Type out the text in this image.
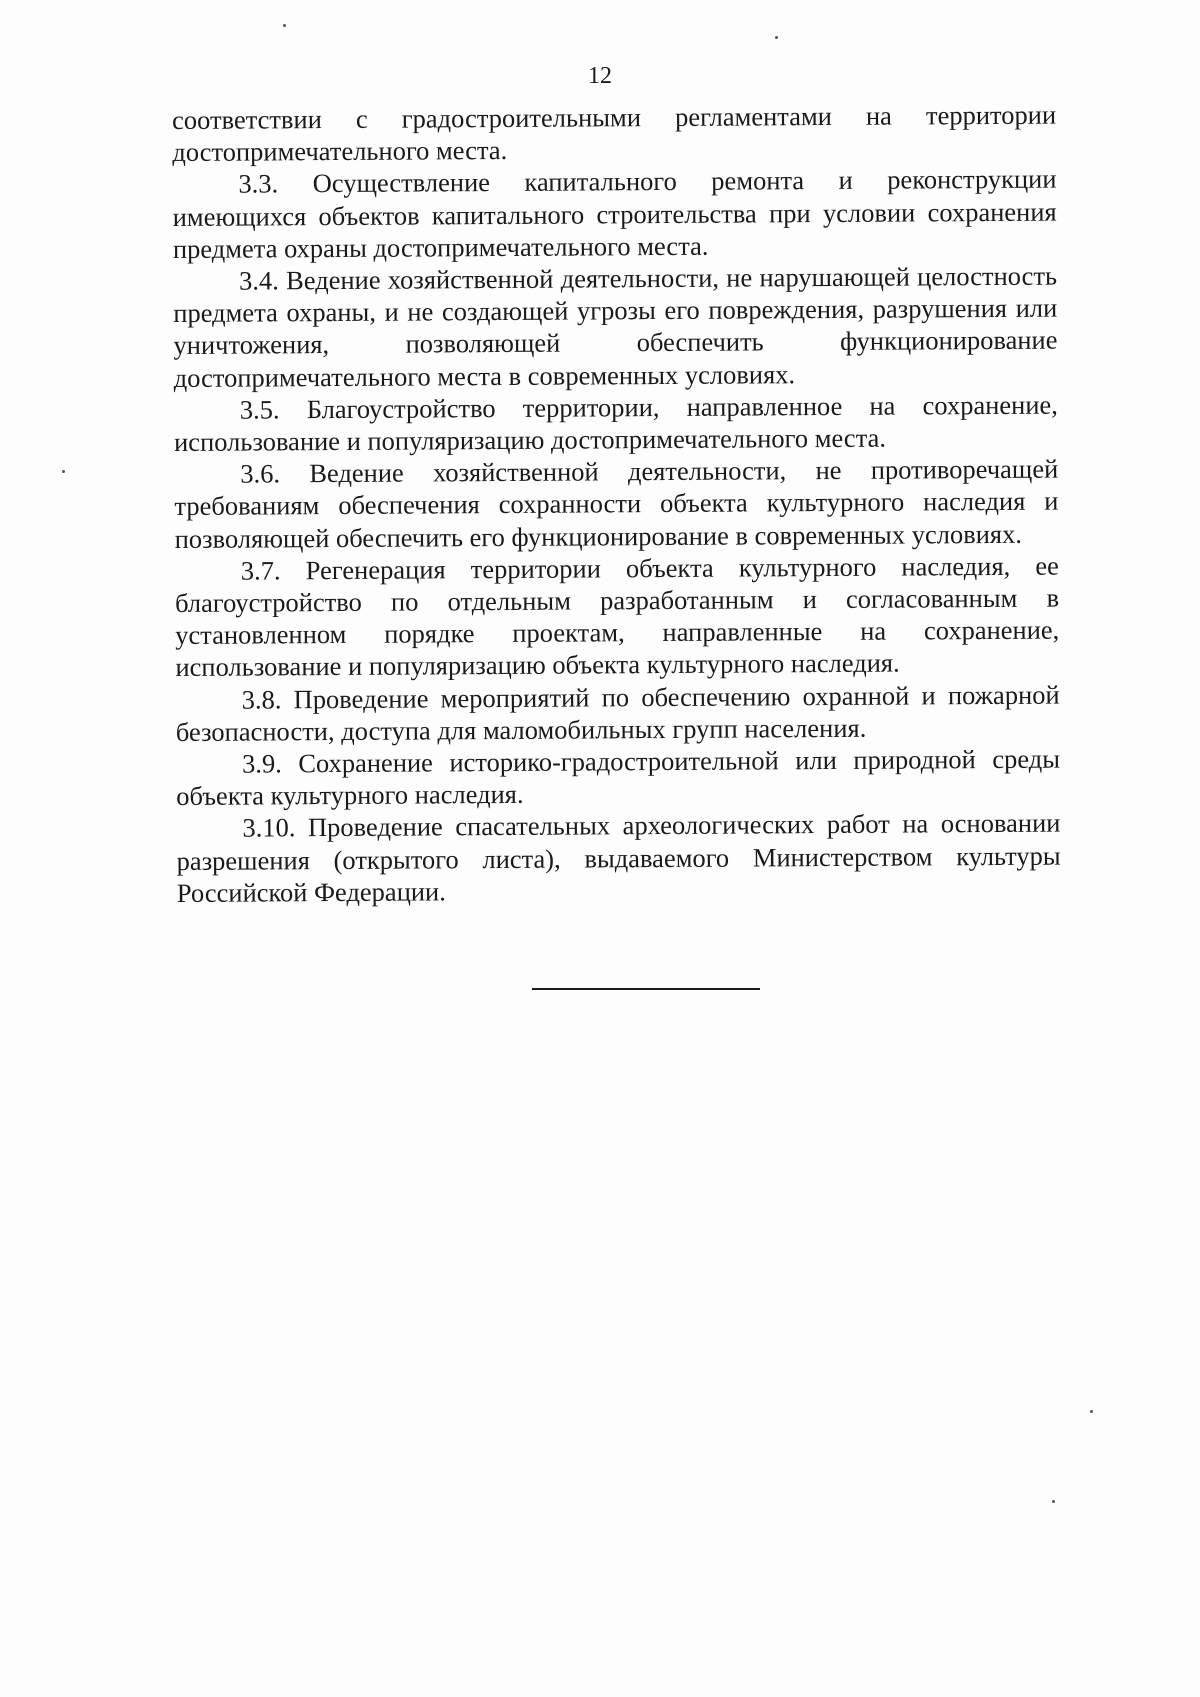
12

соответствии с градостроительными регламентами на территории достопримечательного места.

3.3. Осуществление капитального ремонта и реконструкции имеющихся объектов капитального строительства при условии сохранения предмета охраны достопримечательного места.

3.4. Ведение хозяйственной деятельности, не нарушающей целостность предмета охраны, и не создающей угрозы его повреждения, разрушения или уничтожения, позволяющей обеспечить функционирование достопримечательного места в современных условиях.

3.5. Благоустройство территории, направленное на сохранение, использование и популяризацию достопримечательного места.

3.6. Ведение хозяйственной деятельности, не противоречащей требованиям обеспечения сохранности объекта культурного наследия и позволяющей обеспечить его функционирование в современных условиях.

3.7. Регенерация территории объекта культурного наследия, ее благоустройство по отдельным разработанным и согласованным в установленном порядке проектам, направленные на сохранение, использование и популяризацию объекта культурного наследия.

3.8. Проведение мероприятий по обеспечению охранной и пожарной безопасности, доступа для маломобильных групп населения.

3.9. Сохранение историко-градостроительной или природной среды объекта культурного наследия.

3.10. Проведение спасательных археологических работ на основании разрешения (открытого листа), выдаваемого Министерством культуры Российской Федерации.
